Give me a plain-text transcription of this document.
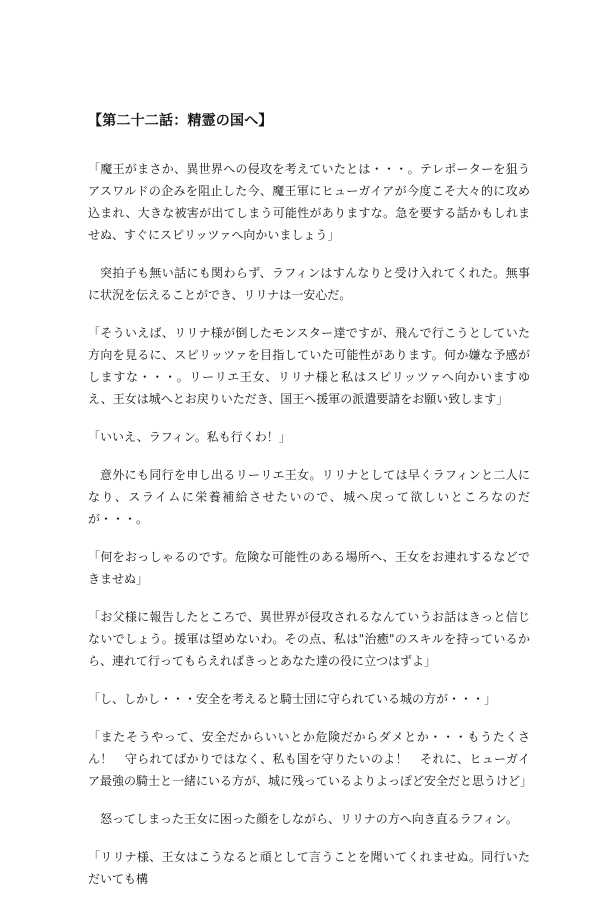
【第二十二話：精霊の国へ】

「魔王がまさか、異世界への侵攻を考えていたとは・・・。テレポーターを狙うアスワルドの企みを阻止した今、魔王軍にヒューガイアが今度こそ大々的に攻め込まれ、大きな被害が出てしまう可能性がありますな。急を要する話かもしれませぬ、すぐにスピリッツァへ向かいましょう」

突拍子も無い話にも関わらず、ラフィンはすんなりと受け入れてくれた。無事に状況を伝えることができ、リリナは一安心だ。

「そういえば、リリナ様が倒したモンスター達ですが、飛んで行こうとしていた方向を見るに、スピリッツァを目指していた可能性があります。何か嫌な予感がしますな・・・。リーリエ王女、リリナ様と私はスピリッツァへ向かいますゆえ、王女は城へとお戻りいただき、国王へ援軍の派遣要請をお願い致します」

「いいえ、ラフィン。私も行くわ！」

意外にも同行を申し出るリーリエ王女。リリナとしては早くラフィンと二人になり、スライムに栄養補給させたいので、城へ戻って欲しいところなのだが・・・。

「何をおっしゃるのです。危険な可能性のある場所へ、王女をお連れするなどできませぬ」

「お父様に報告したところで、異世界が侵攻されるなんていうお話はきっと信じないでしょう。援軍は望めないわ。その点、私は"治癒"のスキルを持っているから、連れて行ってもらえればきっとあなた達の役に立つはずよ」

「し、しかし・・・安全を考えると騎士団に守られている城の方が・・・」

「またそうやって、安全だからいいとか危険だからダメとか・・・もうたくさん！　守られてばかりではなく、私も国を守りたいのよ！　それに、ヒューガイア最強の騎士と一緒にいる方が、城に残っているよりよっぽど安全だと思うけど」

怒ってしまった王女に困った顔をしながら、リリナの方へ向き直るラフィン。

「リリナ様、王女はこうなると頑として言うことを聞いてくれませぬ。同行いただいても構
